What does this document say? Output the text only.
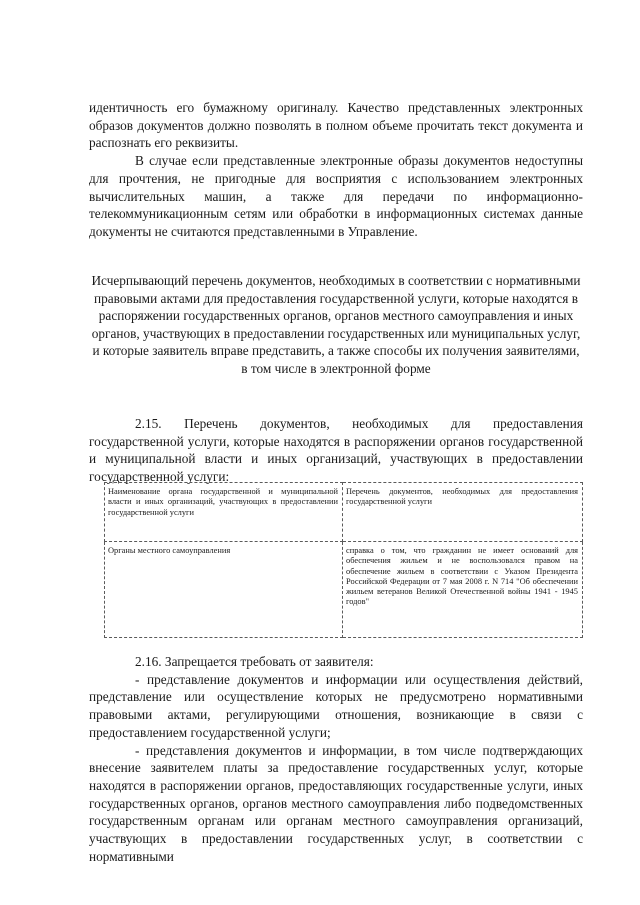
идентичность его бумажному оригиналу. Качество представленных электронных образов документов должно позволять в полном объеме прочитать текст документа и распознать его реквизиты.

В случае если представленные электронные образы документов недоступны для прочтения, не пригодные для восприятия с использованием электронных вычислительных машин, а также для передачи по информационно-телекоммуникационным сетям или обработки в информационных системах данные документы не считаются представленными в Управление.

Исчерпывающий перечень документов, необходимых в соответствии с нормативными правовыми актами для предоставления государственной услуги, которые находятся в распоряжении государственных органов, органов местного самоуправления и иных органов, участвующих в предоставлении государственных или муниципальных услуг, и которые заявитель вправе представить, а также способы их получения заявителями, в том числе в электронной форме

2.15. Перечень документов, необходимых для предоставления государственной услуги, которые находятся в распоряжении органов государственной и муниципальной власти и иных организаций, участвующих в предоставлении государственной услуги:

Наименование органа государственной и муниципальной власти и иных организаций, участвующих в предоставлении государственной услуги	Перечень документов, необходимых для предоставления государственной услуги
Органы местного самоуправления	справка о том, что гражданин не имеет оснований для обеспечения жильем и не воспользовался правом на обеспечение жильем в соответствии с Указом Президента Российской Федерации от 7 мая 2008 г. N 714 "Об обеспечении жильем ветеранов Великой Отечественной войны 1941 - 1945 годов"

2.16. Запрещается требовать от заявителя:

- представление документов и информации или осуществления действий, представление или осуществление которых не предусмотрено нормативными правовыми актами, регулирующими отношения, возникающие в связи с предоставлением государственной услуги;

- представления документов и информации, в том числе подтверждающих внесение заявителем платы за предоставление государственных услуг, которые находятся в распоряжении органов, предоставляющих государственные услуги, иных государственных органов, органов местного самоуправления либо подведомственных государственным органам или органам местного самоуправления организаций, участвующих в предоставлении государственных услуг, в соответствии с нормативными
